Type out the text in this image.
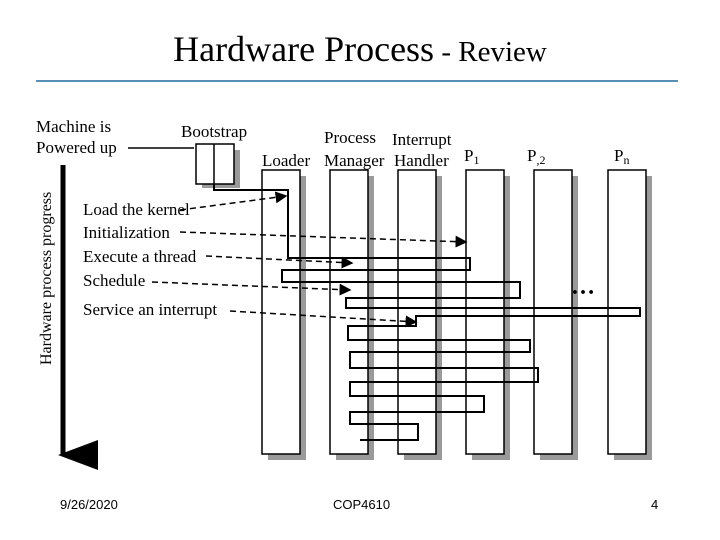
Hardware Process - Review
Machine is
Powered up
Bootstrap
Hardware process progress
Loader
Process
Manager
Interrupt
Handler P1	P,2	Pn
Load the kernel
Initialization
Execute a thread
Schedule
Service an interrupt
…
9/26/2020	COP4610	4
